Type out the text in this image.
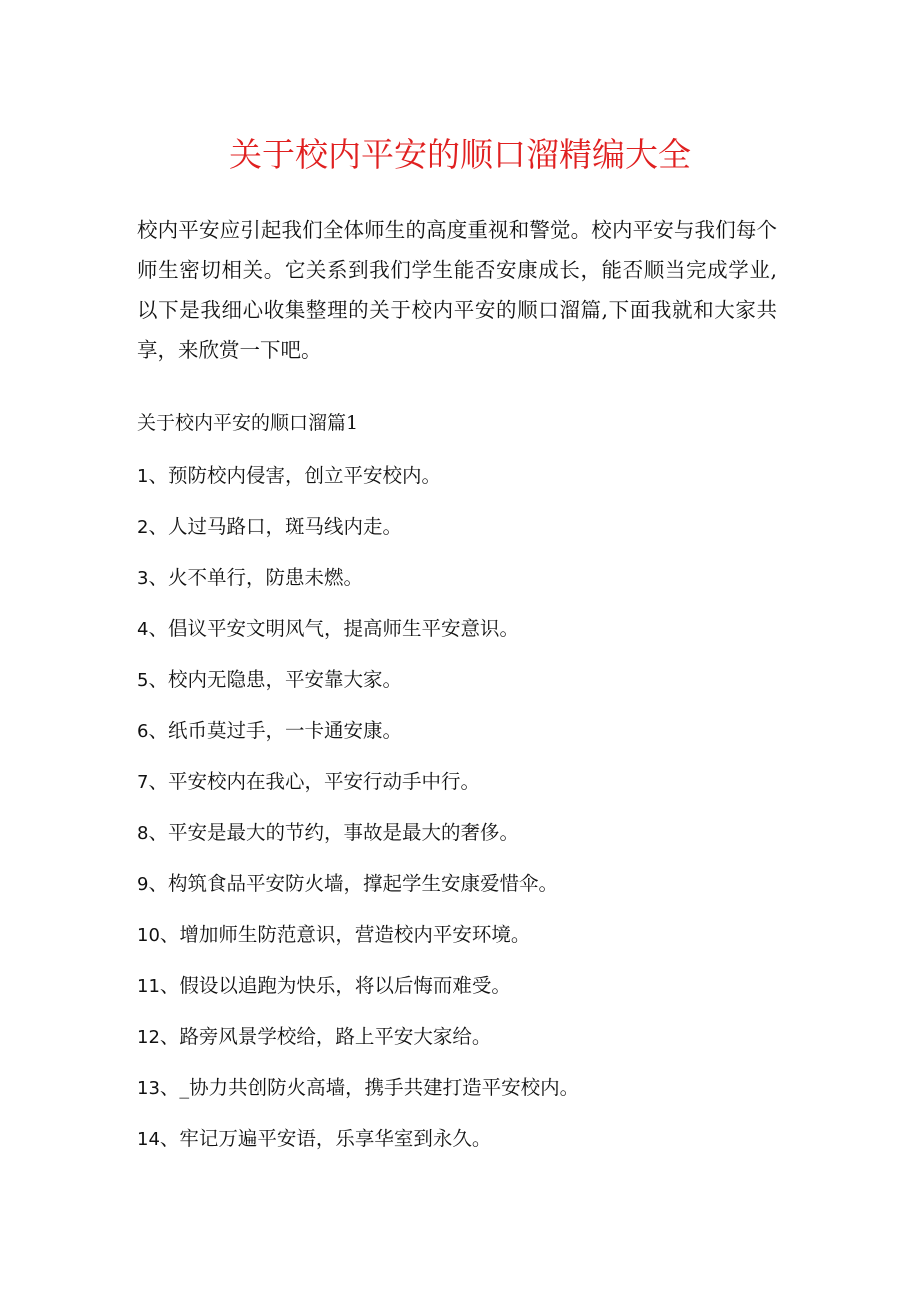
关于校内平安的顺口溜精编大全
校内平安应引起我们全体师生的高度重视和警觉。校内平安与我们每个师生密切相关。它关系到我们学生能否安康成长，能否顺当完成学业,以下是我细心收集整理的关于校内平安的顺口溜篇,下面我就和大家共享，来欣赏一下吧。
关于校内平安的顺口溜篇1
1、预防校内侵害，创立平安校内。
2、人过马路口，斑马线内走。
3、火不单行，防患未燃。
4、倡议平安文明风气，提高师生平安意识。
5、校内无隐患，平安靠大家。
6、纸币莫过手，一卡通安康。
7、平安校内在我心，平安行动手中行。
8、平安是最大的节约，事故是最大的奢侈。
9、构筑食品平安防火墙，撑起学生安康爱惜伞。
10、增加师生防范意识，营造校内平安环境。
11、假设以追跑为快乐，将以后悔而难受。
12、路旁风景学校给，路上平安大家给。
13、_协力共创防火高墙，携手共建打造平安校内。
14、牢记万遍平安语，乐享华室到永久。
